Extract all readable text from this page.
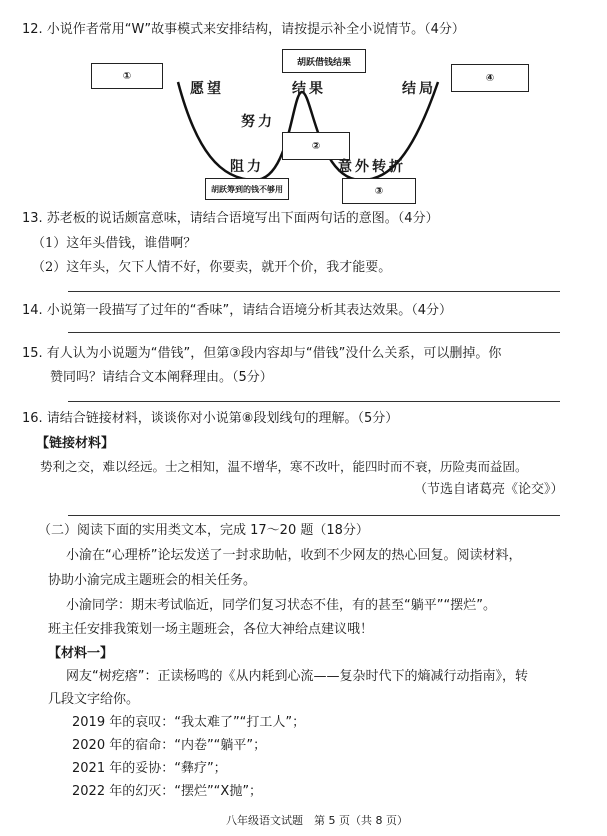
12. 小说作者常用“W”故事模式来安排结构，请按提示补全小说情节。（4分）
①
胡跃借钱结果
④
②
胡跃筹到的钱不够用	③
愿望	结果	结局
努力
阻力	意外转折
13. 苏老板的说话颇富意味，请结合语境写出下面两句话的意图。（4分）
（1）这年头借钱，谁借啊？
（2）这年头，欠下人情不好，你要卖，就开个价，我才能要。
14. 小说第一段描写了过年的“香味”，请结合语境分析其表达效果。（4分）
15. 有人认为小说题为“借钱”，但第③段内容却与“借钱”没什么关系，可以删掉。你
赞同吗？请结合文本阐释理由。（5分）
16. 请结合链接材料，谈谈你对小说第⑧段划线句的理解。（5分）
【链接材料】
势利之交，难以经远。士之相知，温不增华，寒不改叶，能四时而不衰，历险夷而益固。
（节选自诸葛亮《论交》）
（二）阅读下面的实用类文本，完成 17～20 题（18分）
小渝在“心理桥”论坛发送了一封求助帖，收到不少网友的热心回复。阅读材料，
协助小渝完成主题班会的相关任务。
小渝同学：期末考试临近，同学们复习状态不佳，有的甚至“躺平”“摆烂”。
班主任安排我策划一场主题班会，各位大神给点建议哦！
【材料一】
网友“树疙瘩”：正读杨鸣的《从内耗到心流——复杂时代下的熵减行动指南》，转
几段文字给你。
2019 年的哀叹：“我太难了”“打工人”；
2020 年的宿命：“内卷”“躺平”；
2021 年的妥协：“彝疗”；
2022 年的幻灭：“摆烂”“X抛”；
八年级语文试题　第 5 页（共 8 页）
